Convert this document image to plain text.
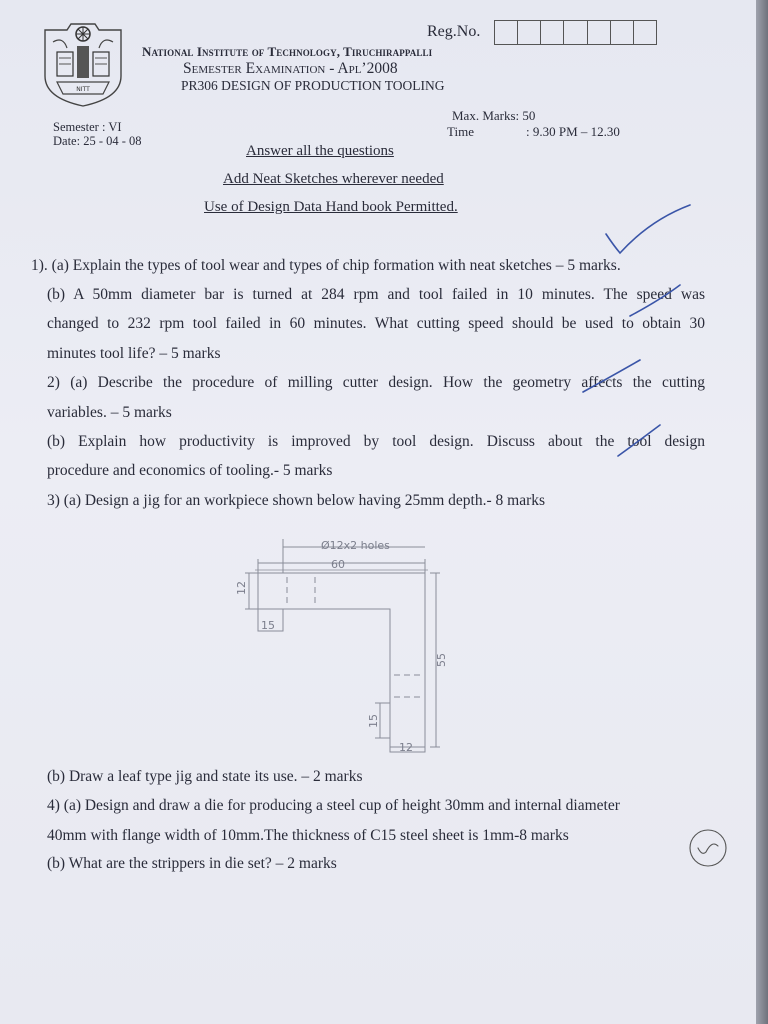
NITT
Reg.No.
National Institute of Technology, Tiruchirappalli
Semester Examination - Apl’2008
PR306 DESIGN OF PRODUCTION TOOLING
Semester : VI
Date: 25 - 04 - 08
Max. Marks: 50
Time	: 9.30 PM – 12.30
Answer all the questions
Add Neat Sketches wherever needed
Use of Design Data Hand book Permitted.
1). (a) Explain the types of tool wear and types of chip formation with neat sketches – 5 marks.
(b) A 50mm diameter bar is turned at 284 rpm and tool failed in 10 minutes. The speed was
changed to 232 rpm tool failed in 60 minutes. What cutting speed should be used to obtain 30
minutes tool life? – 5 marks
2) (a) Describe the procedure of milling cutter design. How the geometry affects the cutting
variables. – 5 marks
(b) Explain how productivity is improved by tool design. Discuss about the tool design
procedure and economics of tooling.- 5 marks
3) (a) Design a jig for an workpiece shown below having 25mm depth.- 8 marks
Ø12x2 holes
60
12
15
55
15
12
(b) Draw a leaf type jig and state its use. – 2 marks
4) (a) Design and draw a die for producing a steel cup of height 30mm and internal diameter
40mm with flange width of 10mm.The thickness of C15 steel sheet is 1mm-8 marks
(b) What are the strippers in die set? – 2 marks
